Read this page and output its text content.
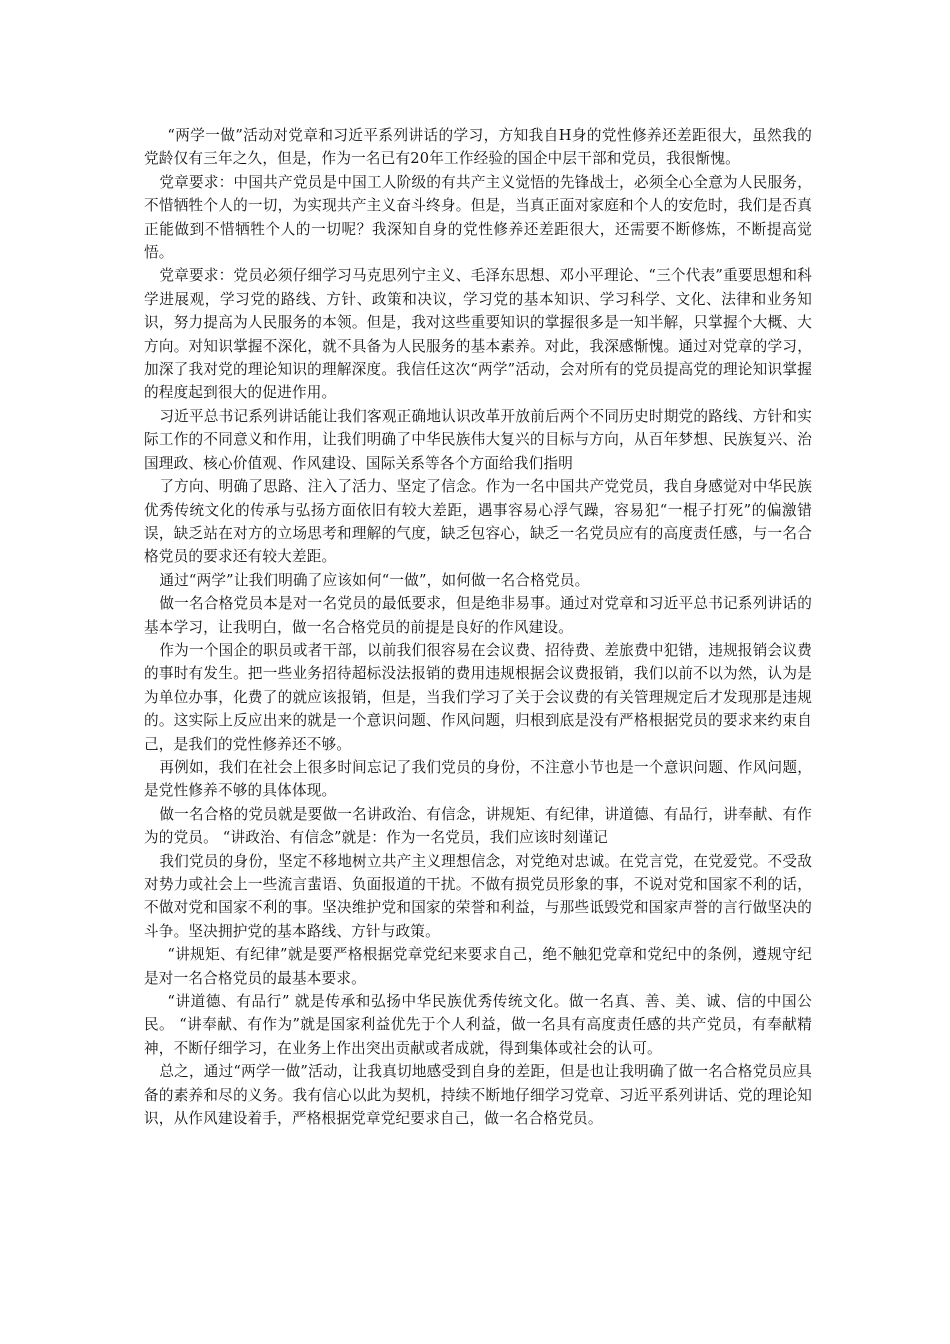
“两学一做”活动对党章和习近平系列讲话的学习，方知我自H身的党性修养还差距很大，虽然我的党龄仅有三年之久，但是，作为一名已有20年工作经验的国企中层干部和党员，我很惭愧。

党章要求：中国共产党员是中国工人阶级的有共产主义觉悟的先锋战士，必须全心全意为人民服务，不惜牺牲个人的一切，为实现共产主义奋斗终身。但是，当真正面对家庭和个人的安危时，我们是否真正能做到不惜牺牲个人的一切呢？我深知自身的党性修养还差距很大，还需要不断修炼，不断提高觉悟。

党章要求：党员必须仔细学习马克思列宁主义、毛泽东思想、邓小平理论、“三个代表”重要思想和科学进展观，学习党的路线、方针、政策和决议，学习党的基本知识、学习科学、文化、法律和业务知识，努力提高为人民服务的本领。但是，我对这些重要知识的掌握很多是一知半解，只掌握个大概、大方向。对知识掌握不深化，就不具备为人民服务的基本素养。对此，我深感惭愧。通过对党章的学习，加深了我对党的理论知识的理解深度。我信任这次“两学”活动，会对所有的党员提高党的理论知识掌握的程度起到很大的促进作用。

习近平总书记系列讲话能让我们客观正确地认识改革开放前后两个不同历史时期党的路线、方针和实际工作的不同意义和作用，让我们明确了中华民族伟大复兴的目标与方向，从百年梦想、民族复兴、治国理政、核心价值观、作风建设、国际关系等各个方面给我们指明

了方向、明确了思路、注入了活力、坚定了信念。作为一名中国共产党党员，我自身感觉对中华民族优秀传统文化的传承与弘扬方面依旧有较大差距，遇事容易心浮气躁，容易犯“一棍子打死”的偏激错误，缺乏站在对方的立场思考和理解的气度，缺乏包容心，缺乏一名党员应有的高度责任感，与一名合格党员的要求还有较大差距。

通过“两学”让我们明确了应该如何“一做”，如何做一名合格党员。

做一名合格党员本是对一名党员的最低要求，但是绝非易事。通过对党章和习近平总书记系列讲话的基本学习，让我明白，做一名合格党员的前提是良好的作风建设。

作为一个国企的职员或者干部，以前我们很容易在会议费、招待费、差旅费中犯错，违规报销会议费的事时有发生。把一些业务招待超标没法报销的费用违规根据会议费报销，我们以前不以为然，认为是为单位办事，化费了的就应该报销，但是，当我们学习了关于会议费的有关管理规定后才发现那是违规的。这实际上反应出来的就是一个意识问题、作风问题，归根到底是没有严格根据党员的要求来约束自己，是我们的党性修养还不够。

再例如，我们在社会上很多时间忘记了我们党员的身份，不注意小节也是一个意识问题、作风问题，是党性修养不够的具体体现。

做一名合格的党员就是要做一名讲政治、有信念，讲规矩、有纪律，讲道德、有品行，讲奉献、有作为的党员。 “讲政治、有信念”就是：作为一名党员，我们应该时刻谨记

我们党员的身份，坚定不移地树立共产主义理想信念，对党绝对忠诚。在党言党，在党爱党。不受敌对势力或社会上一些流言蜚语、负面报道的干扰。不做有损党员形象的事，不说对党和国家不利的话，不做对党和国家不利的事。坚决维护党和国家的荣誉和利益，与那些诋毁党和国家声誉的言行做坚决的斗争。坚决拥护党的基本路线、方针与政策。

“讲规矩、有纪律”就是要严格根据党章党纪来要求自己，绝不触犯党章和党纪中的条例，遵规守纪是对一名合格党员的最基本要求。

“讲道德、有品行” 就是传承和弘扬中华民族优秀传统文化。做一名真、善、美、诚、信的中国公民。 “讲奉献、有作为”就是国家利益优先于个人利益，做一名具有高度责任感的共产党员，有奉献精神，不断仔细学习，在业务上作出突出贡献或者成就，得到集体或社会的认可。

总之，通过“两学一做”活动，让我真切地感受到自身的差距，但是也让我明确了做一名合格党员应具备的素养和尽的义务。我有信心以此为契机，持续不断地仔细学习党章、习近平系列讲话、党的理论知识，从作风建设着手，严格根据党章党纪要求自己，做一名合格党员。
